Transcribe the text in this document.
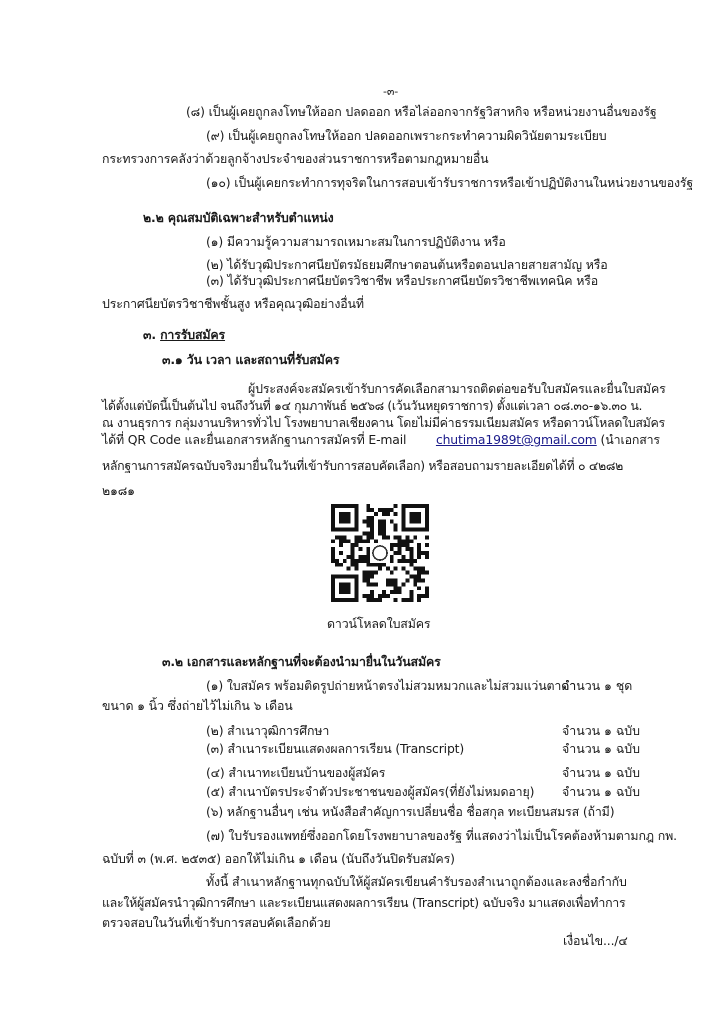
-๓-
(๘) เป็นผู้เคยถูกลงโทษให้ออก ปลดออก หรือไล่ออกจากรัฐวิสาหกิจ หรือหน่วยงานอื่นของรัฐ
(๙) เป็นผู้เคยถูกลงโทษให้ออก ปลดออกเพราะกระทำความผิดวินัยตามระเบียบ
กระทรวงการคลังว่าด้วยลูกจ้างประจำของส่วนราชการหรือตามกฎหมายอื่น
(๑๐) เป็นผู้เคยกระทำการทุจริตในการสอบเข้ารับราชการหรือเข้าปฏิบัติงานในหน่วยงานของรัฐ
๒.๒ คุณสมบัติเฉพาะสำหรับตำแหน่ง
(๑) มีความรู้ความสามารถเหมาะสมในการปฏิบัติงาน หรือ
(๒) ได้รับวุฒิประกาศนียบัตรมัธยมศึกษาตอนต้นหรือตอนปลายสายสามัญ หรือ
(๓) ได้รับวุฒิประกาศนียบัตรวิชาชีพ หรือประกาศนียบัตรวิชาชีพเทคนิค หรือ
ประกาศนียบัตรวิชาชีพชั้นสูง หรือคุณวุฒิอย่างอื่นที่
๓. การรับสมัคร
๓.๑ วัน เวลา และสถานที่รับสมัคร
ผู้ประสงค์จะสมัครเข้ารับการคัดเลือกสามารถติดต่อขอรับใบสมัครและยื่นใบสมัคร
ได้ตั้งแต่บัดนี้เป็นต้นไป จนถึงวันที่ ๑๔ กุมภาพันธ์ ๒๕๖๘ (เว้นวันหยุดราชการ) ตั้งแต่เวลา ๐๘.๓๐-๑๖.๓๐ น.
ณ งานธุรการ กลุ่มงานบริหารทั่วไป โรงพยาบาลเชียงคาน โดยไม่มีค่าธรรมเนียมสมัคร หรือดาวน์โหลดใบสมัคร
ได้ที่ QR Code และยื่นเอกสารหลักฐานการสมัครที่ E-mail chutima1989t@gmail.com (นำเอกสาร
หลักฐานการสมัครฉบับจริงมายื่นในวันที่เข้ารับการสอบคัดเลือก) หรือสอบถามรายละเอียดได้ที่ ๐ ๔๒๘๒
๒๑๘๑
ดาวน์โหลดใบสมัคร
๓.๒ เอกสารและหลักฐานที่จะต้องนำมายื่นในวันสมัคร
(๑) ใบสมัคร พร้อมติดรูปถ่ายหน้าตรงไม่สวมหมวกและไม่สวมแว่นตาดำ
จำนวน ๑ ชุด
ขนาด ๑ นิ้ว ซึ่งถ่ายไว้ไม่เกิน ๖ เดือน
(๒) สำเนาวุฒิการศึกษา	จำนวน ๑ ฉบับ
(๓) สำเนาระเบียนแสดงผลการเรียน (Transcript)	จำนวน ๑ ฉบับ
(๔) สำเนาทะเบียนบ้านของผู้สมัคร	จำนวน ๑ ฉบับ
(๕) สำเนาบัตรประจำตัวประชาชนของผู้สมัคร(ที่ยังไม่หมดอายุ) จำนวน ๑ ฉบับ
(๖) หลักฐานอื่นๆ เช่น หนังสือสำคัญการเปลี่ยนชื่อ ชื่อสกุล ทะเบียนสมรส (ถ้ามี)
(๗) ใบรับรองแพทย์ซึ่งออกโดยโรงพยาบาลของรัฐ ที่แสดงว่าไม่เป็นโรคต้องห้ามตามกฎ กพ.
ฉบับที่ ๓ (พ.ศ. ๒๕๓๕) ออกให้ไม่เกิน ๑ เดือน (นับถึงวันปิดรับสมัคร)
ทั้งนี้ สำเนาหลักฐานทุกฉบับให้ผู้สมัครเขียนคำรับรองสำเนาถูกต้องและลงชื่อกำกับ
และให้ผู้สมัครนำวุฒิการศึกษา และระเบียนแสดงผลการเรียน (Transcript) ฉบับจริง มาแสดงเพื่อทำการ
ตรวจสอบในวันที่เข้ารับการสอบคัดเลือกด้วย
เงื่อนไข.../๔
